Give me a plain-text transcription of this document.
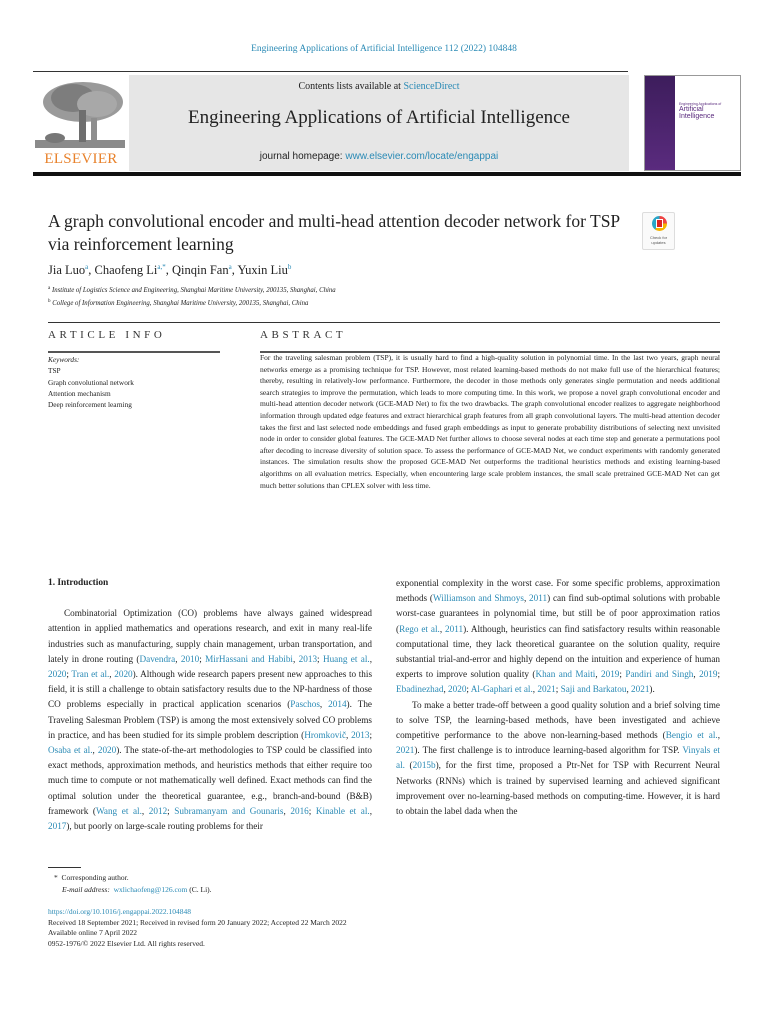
Engineering Applications of Artificial Intelligence 112 (2022) 104848
ELSEVIER
Contents lists available at ScienceDirect
Engineering Applications of Artificial Intelligence
journal homepage: www.elsevier.com/locate/engappai
Engineering Applications of
Artificial
Intelligence
A graph convolutional encoder and multi-head attention decoder network for TSP via reinforcement learning	Check for
updates
Jia Luo$^a$, Chaofeng $Li^{a,*}$, Qinqin Fan$^a$, Yuxin Liu$^b$
$^a$ Institute of Logistics Science and Engineering, Shanghai Maritime University, 200135, Shanghai, China
$^b$ College of Information Engineering, Shanghai Maritime University, 200135, Shanghai, China
ARTICLE INFO	ABSTRACT
Keywords:
TSP
Graph convolutional network
Attention mechanism
Deep reinforcement learning
For the traveling salesman problem (TSP), it is usually hard to find a high-quality solution in polynomial time. In the last two years, graph neural networks emerge as a promising technique for TSP. However, most related learning-based methods do not make full use of the hierarchical features; thereby, resulting in relatively-low performance. Furthermore, the decoder in those methods only generates single permutation and needs additional search strategies to improve the permutation, which leads to more computing time. In this work, we propose a novel graph convolutional encoder and multi-head attention decoder network (GCE-MAD Net) to fix the two drawbacks. The graph convolutional encoder realizes to aggregate neighborhood information through updated edge features and extract hierarchical graph features from all graph convolutional layers. The multi-head attention decoder takes the first and last selected node embeddings and fused graph embeddings as input to generate probability distributions of selecting next unvisited node in order to consider global features. The GCE-MAD Net further allows to choose several nodes at each time step and generate a permutations pool after decoding to increase diversity of solution space. To assess the performance of GCE-MAD Net, we conduct experiments with randomly generated instances. The simulation results show the proposed GCE-MAD Net outperforms the traditional heuristics methods and existing learning-based algorithms on all evaluation metrics. Especially, when encountering large scale problem instances, the small scale pretrained GCE-MAD Net can get much better solutions than CPLEX solver with less time.
1. Introduction
Combinatorial Optimization (CO) problems have always gained widespread attention in applied mathematics and operations research, and exit in many real-life industries such as manufacturing, supply chain management, urban transportation, and lately in drone routing (Davendra, 2010; MirHassani and Habibi, 2013; Huang et al., 2020; Tran et al., 2020). Although wide research papers present new approaches to this field, it is still a challenge to obtain satisfactory results due to the NP-hardness of those CO problems especially in practical application scenarios (Paschos, 2014). The Traveling Salesman Problem (TSP) is among the most extensively solved CO problems in practice, and has been studied for its simple problem description (Hromkovič, 2013; Osaba et al., 2020). The state-of-the-art methodologies to TSP could be classified into exact methods, approximation methods, and heuristics methods that either require too much time to compute or not mathematically well defined. Exact methods can find the optimal solution under the theoretical guarantee, e.g., branch-and-bound (B&B) framework (Wang et al., 2012; Subramanyam and Gounaris, 2016; Kinable et al., 2017), but poorly on large-scale routing problems for their
exponential complexity in the worst case. For some specific problems, approximation methods (Williamson and Shmoys, 2011) can find sub-optimal solutions with probable worst-case guarantees in polynomial time, but still be of poor approximation ratios (Rego et al., 2011). Although, heuristics can find satisfactory results within reasonable computational time, they lack theoretical guarantee on the solution quality, require substantial trial-and-error and highly depend on the intuition and experience of human experts to improve solution quality (Khan and Maiti, 2019; Pandiri and Singh, 2019; Ebadinezhad, 2020; Al-Gaphari et al., 2021; Saji and Barkatou, 2021).
To make a better trade-off between a good quality solution and a brief solving time to solve TSP, the learning-based methods, have been investigated and achieve competitive performance to the above non-learning-based methods (Bengio et al., 2021). The first challenge is to introduce learning-based algorithm for TSP. Vinyals et al. (2015b), for the first time, proposed a Ptr-Net for TSP with Recurrent Neural Networks (RNNs) which is trained by supervised learning and achieved significant improvement over no-learning-based methods on computing-time. However, it is hard to obtain the label dada when the
* Corresponding author.
E-mail address: wxlichaofeng@126.com (C. Li).
https://doi.org/10.1016/j.engappai.2022.104848
Received 18 September 2021; Received in revised form 20 January 2022; Accepted 22 March 2022
Available online 7 April 2022
0952-1976/© 2022 Elsevier Ltd. All rights reserved.
